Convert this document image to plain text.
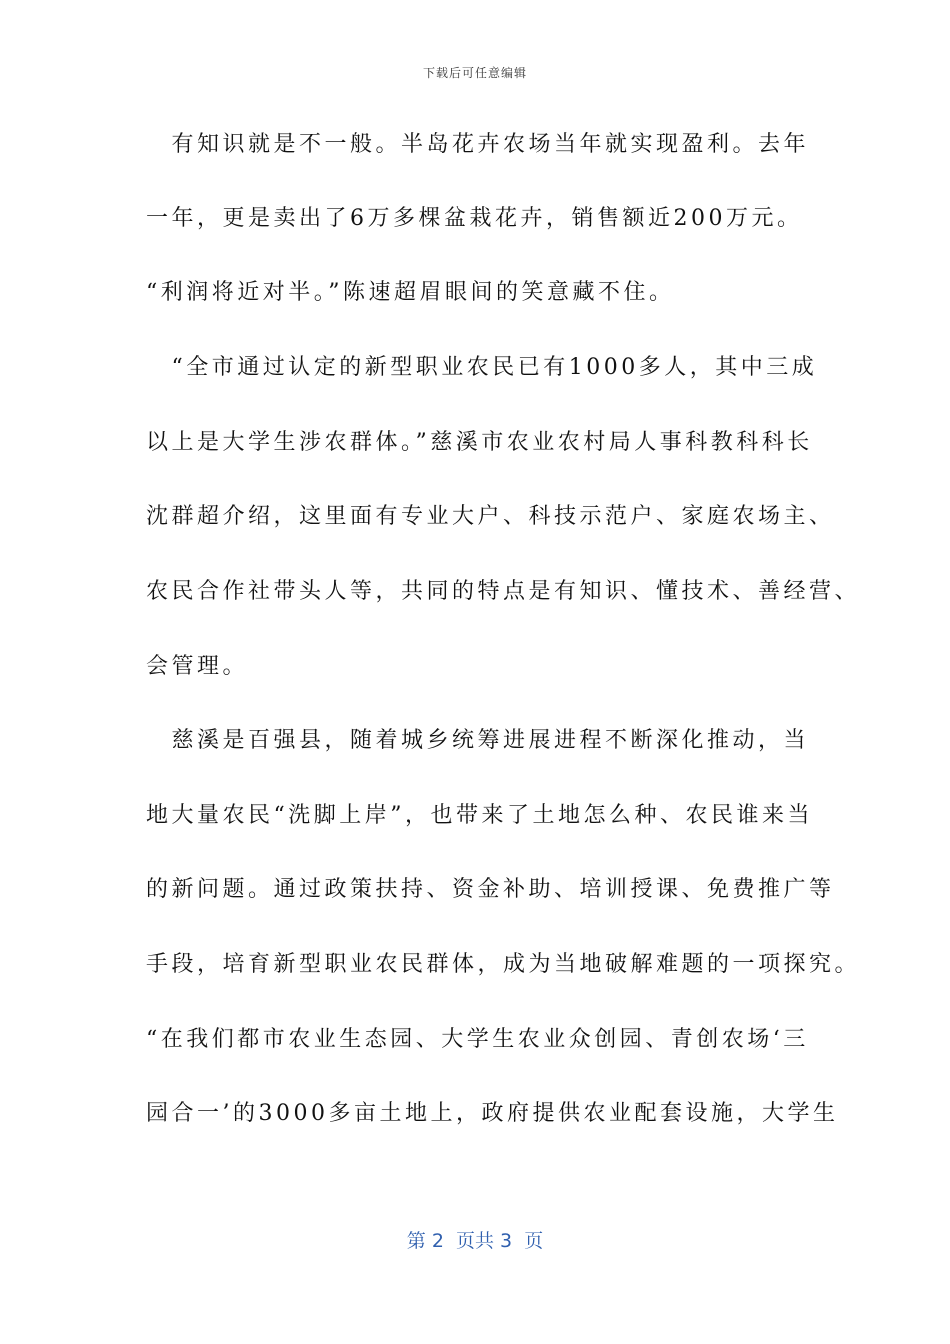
下载后可任意编辑
　有知识就是不一般。半岛花卉农场当年就实现盈利。去年
一年，更是卖出了6万多棵盆栽花卉，销售额近200万元。
“利润将近对半。”陈速超眉眼间的笑意藏不住。
　“全市通过认定的新型职业农民已有1000多人，其中三成
以上是大学生涉农群体。”慈溪市农业农村局人事科教科科长
沈群超介绍，这里面有专业大户、科技示范户、家庭农场主、
农民合作社带头人等，共同的特点是有知识、懂技术、善经营、
会管理。
　慈溪是百强县，随着城乡统筹进展进程不断深化推动，当
地大量农民“洗脚上岸”，也带来了土地怎么种、农民谁来当
的新问题。通过政策扶持、资金补助、培训授课、免费推广等
手段，培育新型职业农民群体，成为当地破解难题的一项探究。
“在我们都市农业生态园、大学生农业众创园、青创农场‘三
园合一’的3000多亩土地上，政府提供农业配套设施，大学生
第 2  页共 3  页
